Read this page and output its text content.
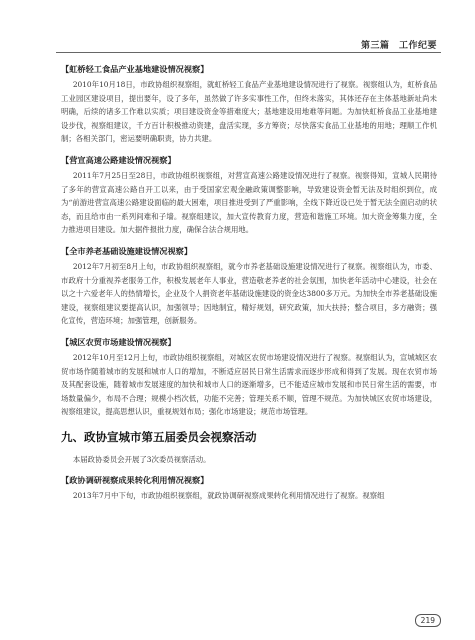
第三篇　工作纪要
【虹桥轻工食品产业基地建设情况视察】

2010年10月18日，市政协组织视察组，就虹桥轻工食品产业基地建设情况进行了视察。视察组认为，虹桥食品工业园区建设项目，提出要年，设了多年，虽然做了许多实事性工作，但终未落实，其体还存在主体基地新址尚未明确，后续的诸多工作难以实质；项目建设资金等措难度大；基地建设用地难等问题。为加快虹桥食品工业基地建设步伐，视察组建议，千方百计积极推动资建，盘活实现，多方筹资；尽快落实食品工业基地的用地；理顺工作机制；各相关部门，密运要明确职责，协力共建。

【营宣高速公路建设情况视察】

2011年7月25日至28日，市政协组织视察组，对营宣高速公路建设情况进行了视察。视察得知，宣城人民期待了多年的营宣高速公路自开工以来，由于受国家宏观金融政策调整影响，导致建设资金暂无法及时组织到位，成为“前游进营宣高速公路建设面临的最大困难，项目推进受到了严重影响，全线下降近设已处于暂无法全面启动的状态，而且给市由一系列间难和子墙。视察组建议，加大宣传教育力度，营造和谐施工环境。加大资金筹集力度，全力推进项目建设。加大据件报批力度，确保合法合规用地。

【全市养老基础设施建设情况视察】

2012年7月初至8月上旬，市政协组织视察组，就今市养老基础设施建设情况进行了视察。视察组认为，市委、市政府十分重视养老服务工作，积极发展老年人事业，营造敬老养老的社会氛围，加快老年活动中心建设，社会在以之十六爱老年人的热情增长，企业及个人捐资老年基础设施建设的资金达3800多万元。为加快全市养老基础设施建设，视察组建议要提高认识，加强领导；因地制宜，精好规划，研究政策，加大扶持；整合项目，多方融资；强化宣传，营造环境；加强管理，创新服务。

【城区农贸市场建设情况视察】

2012年10月至12月上旬，市政协组织视察组，对城区农贸市场建设情况进行了视察。视察组认为，宣城城区农贸市场作随着城市的发展和城市人口的增加，不断适应居民日常生活需求而逐步形成和得到了发展。现在农贸市场及其配套设施，随着城市发展速度的加快和城市人口的逐渐增多，已不能适应城市发展和市民日常生活的需要，市场数量偏少，布局不合理；规模小档次低，功能不完善；管理关系不顺，管理不规范。为加快城区农贸市场建设，视察组建议，提高思想认识，重视规划布局；强化市场建设；规范市场管理。

九、政协宣城市第五届委员会视察活动

本届政协委员会开展了3次委员视察活动。

【政协调研视察成果转化利用情况视察】

2013年7月中下旬，市政协组织视察组，就政协调研视察成果转化利用情况进行了视察。视察组

219
